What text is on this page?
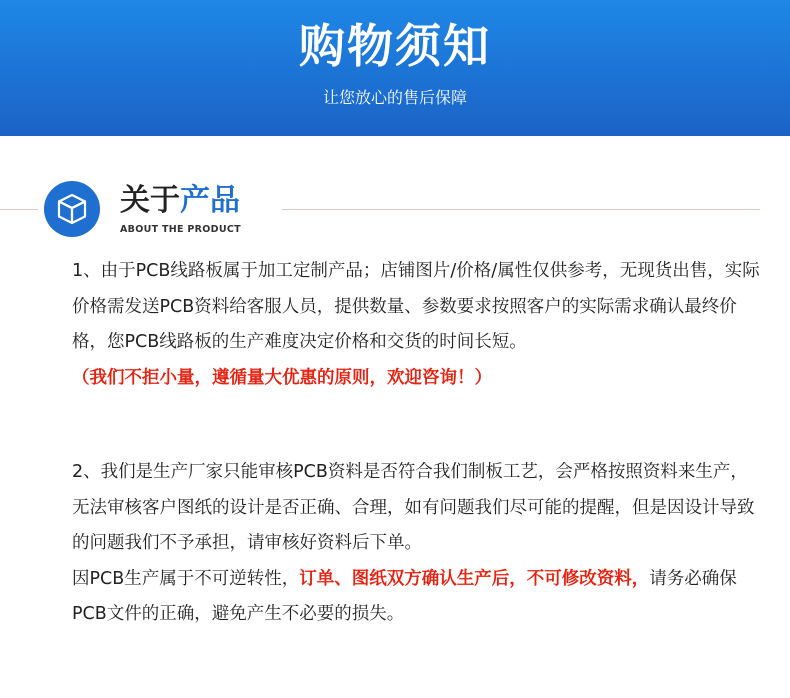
购物须知
让您放心的售后保障
关于产品
ABOUT THE PRODUCT
1、由于PCB线路板属于加工定制产品；店铺图片/价格/属性仅供参考，无现货出售，实际价格需发送PCB资料给客服人员，提供数量、参数要求按照客户的实际需求确认最终价格，您PCB线路板的生产难度决定价格和交货的时间长短。
（我们不拒小量，遵循量大优惠的原则，欢迎咨询！）
2、我们是生产厂家只能审核PCB资料是否符合我们制板工艺，会严格按照资料来生产，无法审核客户图纸的设计是否正确、合理，如有问题我们尽可能的提醒，但是因设计导致的问题我们不予承担，请审核好资料后下单。
因PCB生产属于不可逆转性，订单、图纸双方确认生产后，不可修改资料，请务必确保PCB文件的正确，避免产生不必要的损失。
